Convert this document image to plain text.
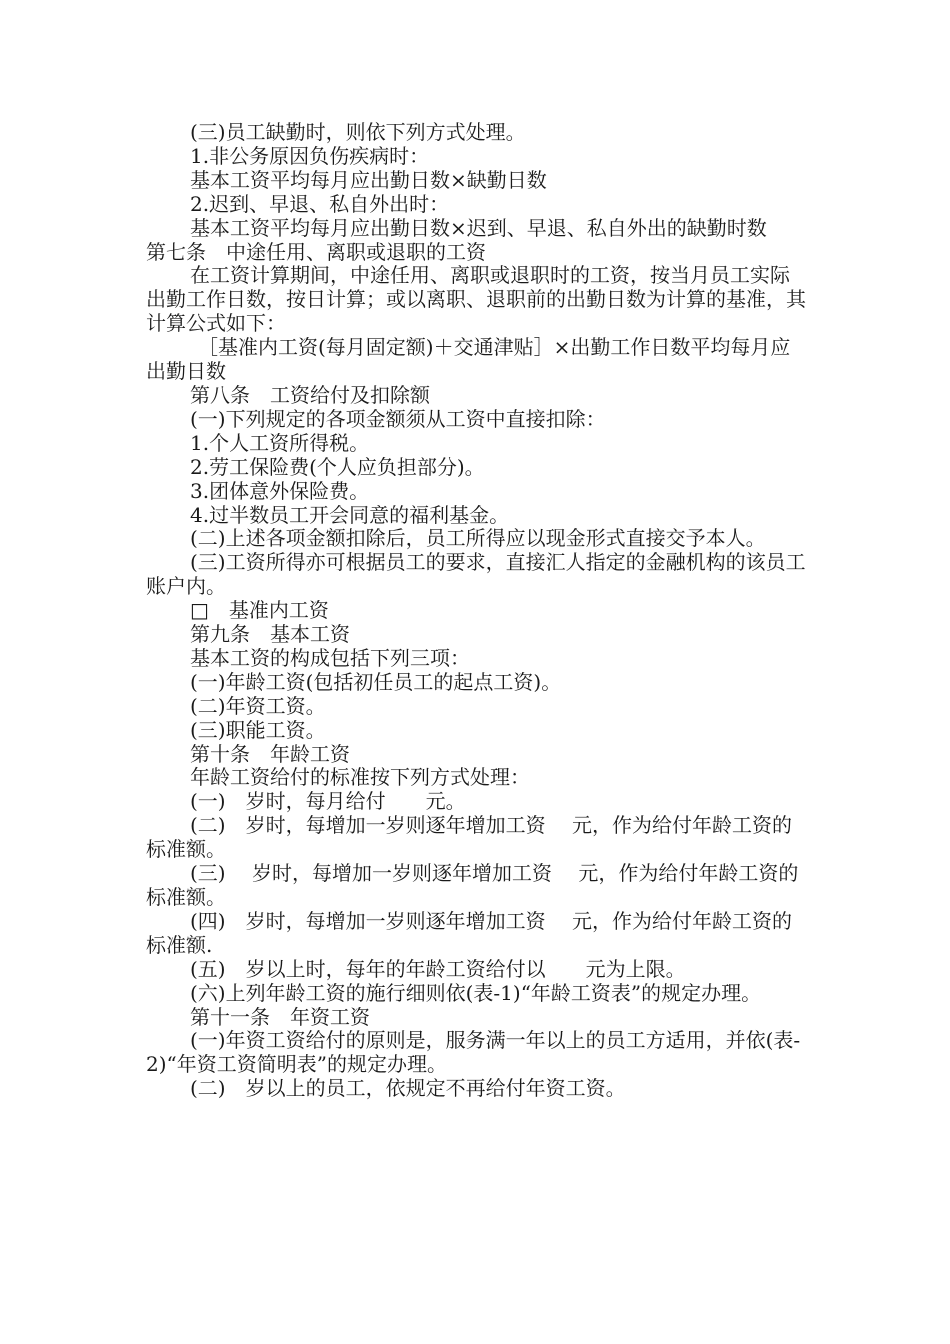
(三)员工缺勤时，则依下列方式处理。

1.非公务原因负伤疾病时：

基本工资平均每月应出勤日数×缺勤日数

2.迟到、早退、私自外出时：

基本工资平均每月应出勤日数×迟到、早退、私自外出的缺勤时数

第七条　中途任用、离职或退职的工资

在工资计算期间，中途任用、离职或退职时的工资，按当月员工实际出勤工作日数，按日计算；或以离职、退职前的出勤日数为计算的基准，其计算公式如下：

［基准内工资(每月固定额)＋交通津贴］×出勤工作日数平均每月应出勤日数

第八条　工资给付及扣除额

(一)下列规定的各项金额须从工资中直接扣除：

1.个人工资所得税。

2.劳工保险费(个人应负担部分)。

3.团体意外保险费。

4.过半数员工开会同意的福利基金。

(二)上述各项金额扣除后，员工所得应以现金形式直接交予本人。

(三)工资所得亦可根据员工的要求，直接汇人指定的金融机构的该员工账户内。

□　基准内工资

第九条　基本工资

基本工资的构成包括下列三项：

(一)年龄工资(包括初任员工的起点工资)。

(二)年资工资。

(三)职能工资。

第十条　年龄工资

年龄工资给付的标准按下列方式处理：

(一)　岁时，每月给付　　元。

(二)　岁时，每增加一岁则逐年增加工资　 元，作为给付年龄工资的标准额。

(三)　 岁时，每增加一岁则逐年增加工资　 元，作为给付年龄工资的标准额。

(四)　岁时，每增加一岁则逐年增加工资　 元，作为给付年龄工资的标准额.

(五)　岁以上时，每年的年龄工资给付以　　元为上限。

(六)上列年龄工资的施行细则依(表-1)“年龄工资表”的规定办理。

第十一条　年资工资

(一)年资工资给付的原则是，服务满一年以上的员工方适用，并依(表-2)“年资工资简明表”的规定办理。

(二)　岁以上的员工，依规定不再给付年资工资。
